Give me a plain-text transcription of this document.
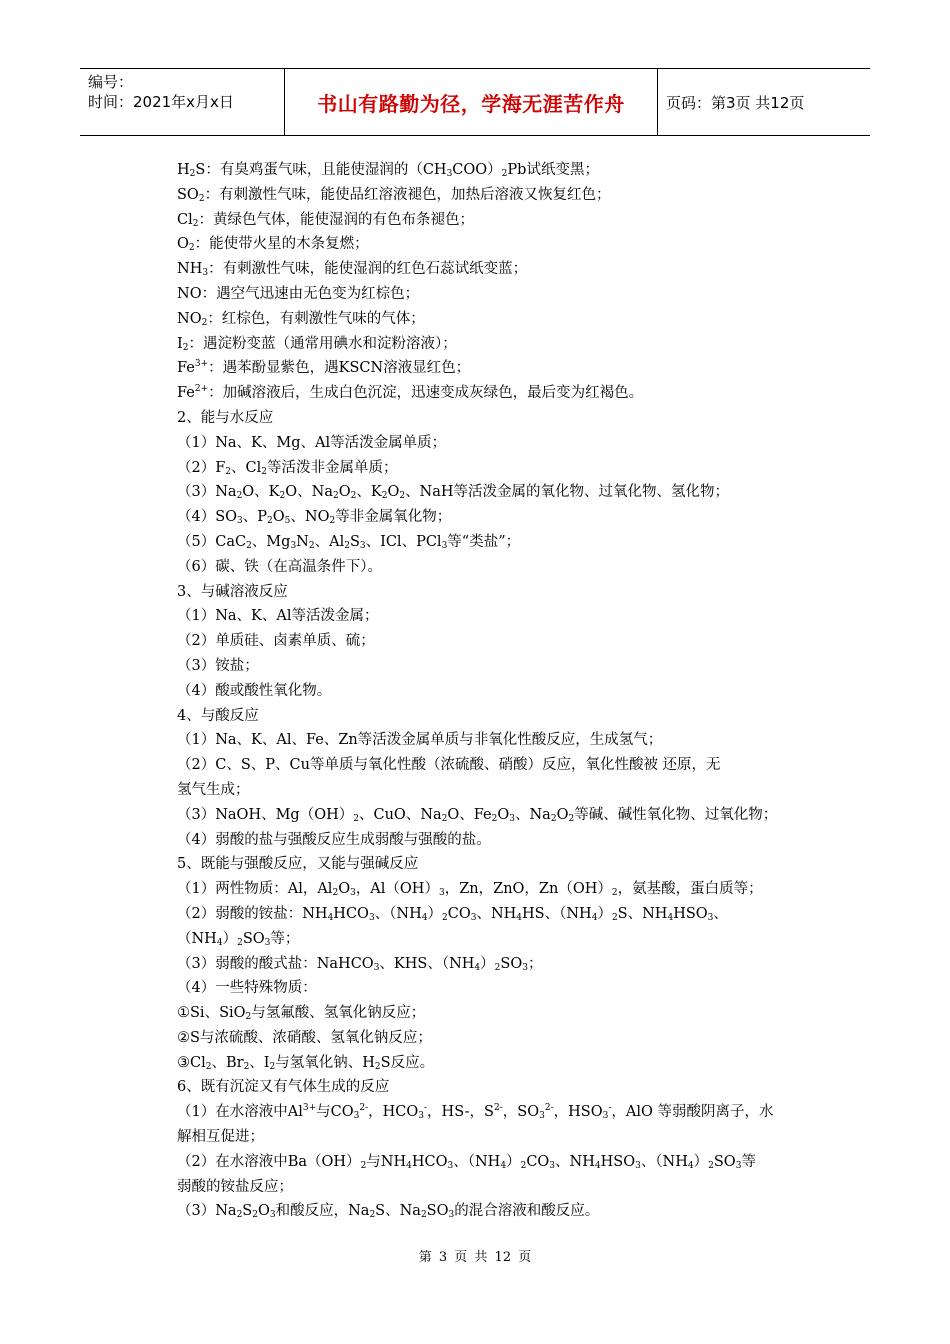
编号：
时间：2021年x月x日	书山有路勤为径，学海无涯苦作舟	页码：第3页 共12页

$H_2S$：有臭鸡蛋气味，且能使湿润的$(CH_3COO)_2Pb$试纸变黑；

$SO_2$：有刺激性气味，能使品红溶液褪色，加热后溶液又恢复红色；

$Cl_2$：黄绿色气体，能使湿润的有色布条褪色；

$O_2$：能使带火星的木条复燃；

$NH_3$：有刺激性气味，能使湿润的红色石蕊试纸变蓝；

NO：遇空气迅速由无色变为红棕色；

$NO_2$：红棕色，有刺激性气味的气体；

$I_2$：遇淀粉变蓝（通常用碘水和淀粉溶液）；

$Fe^{3+}$：遇苯酚显紫色，遇KSCN溶液显红色；

$Fe^{2+}$：加碱溶液后，生成白色沉淀，迅速变成灰绿色，最后变为红褐色。

2、能与水反应

（1）Na、K、Mg、Al等活泼金属单质；

$(2)F_2$、$Cl_2$等活泼非金属单质；

$(3)Na_2O$、$K_2O$、$Na_2O_2$、$K_2O_2$、NaH等活泼金属的氧化物、过氧化物、氢化物；

$(4)SO_3$、$P_2O_5$、$NO_2$等非金属氧化物；

（5）CaC$_2$、$Mg_3N_2$、$Al_2S_3$、ICl、PCl$_3$等“类盐”；

（6）碳、铁（在高温条件下）。

3、与碱溶液反应

（1）Na、K、Al等活泼金属；

（2）单质硅、卤素单质、硫；

（3）铵盐；

（4）酸或酸性氧化物。

4、与酸反应

（1）Na、K、Al、Fe、Zn等活泼金属单质与非氧化性酸反应，生成氢气；

（2）C、S、P、Cu等单质与氧化性酸（浓硫酸、硝酸）反应，氧化性酸被 还原，无

氢气生成；

（3）NaOH、$Mg(OH)_2$、CuO、$Na_2O$、$Fe_2O_3$、$Na_2O_2$等碱、碱性氧化物、过氧化物；

（4）弱酸的盐与强酸反应生成弱酸与强酸的盐。

5、既能与强酸反应，又能与强碱反应

（1）两性物质：Al，$Al_2O_3$，$Al(OH)_3$，Zn，ZnO，$Zn(OH)_2$，氨基酸，蛋白质等；

（2）弱酸的铵盐：$NH_4HCO_3$、$(NH_4)_2CO_3$、$NH_4HS$、$(NH_4)_2S$、$NH_4HSO_3$、

$(NH_4)_2SO_3$等；

（3）弱酸的酸式盐：NaHCO$_3$、KHS、$(NH_4)_2SO_3$；

（4）一些特殊物质：

①Si、SiO$_2$与氢氟酸、氢氧化钠反应；

②S与浓硫酸、浓硝酸、氢氧化钠反应；

$③Cl_2$、$Br_2$、$I_2$与氢氧化钠、$H_2S$反应。

6、既有沉淀又有气体生成的反应

（1）在水溶液中$Al^{3+}$与$CO_3^{2-}$，$HCO_3^-$，HS-，$S^{2-}$，$SO_3^{2-}$，$HSO_3^-$，AlO 等弱酸阴离子，水

解相互促进；

（2）在水溶液中$Ba(OH)_2$与$NH_4HCO_3$、$(NH_4)_2CO_3$、$NH_4HSO_3$、$(NH_4)_2SO_3$等

弱酸的铵盐反应；

$(3)Na_2S_2O_3$和酸反应，$Na_2S$、$Na_2SO_3$的混合溶液和酸反应。

第 3 页 共 12 页
